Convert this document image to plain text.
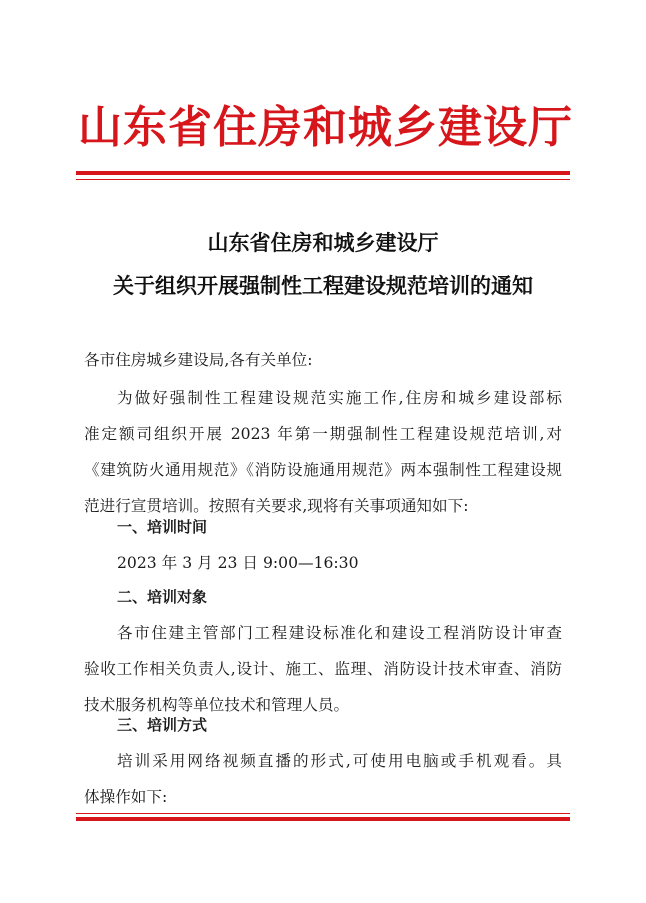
山东省住房和城乡建设厅
山东省住房和城乡建设厅
关于组织开展强制性工程建设规范培训的通知
各市住房城乡建设局,各有关单位:
为做好强制性工程建设规范实施工作,住房和城乡建设部标
准定额司组织开展 2023 年第一期强制性工程建设规范培训,对
《建筑防火通用规范》《消防设施通用规范》两本强制性工程建设规
范进行宣贯培训。按照有关要求,现将有关事项通知如下:
一、培训时间
2023 年 3 月 23 日 9:00—16:30
二、培训对象
各市住建主管部门工程建设标准化和建设工程消防设计审查
验收工作相关负责人,设计、施工、监理、消防设计技术审查、消防
技术服务机构等单位技术和管理人员。
三、培训方式
培训采用网络视频直播的形式,可使用电脑或手机观看。具
体操作如下:
